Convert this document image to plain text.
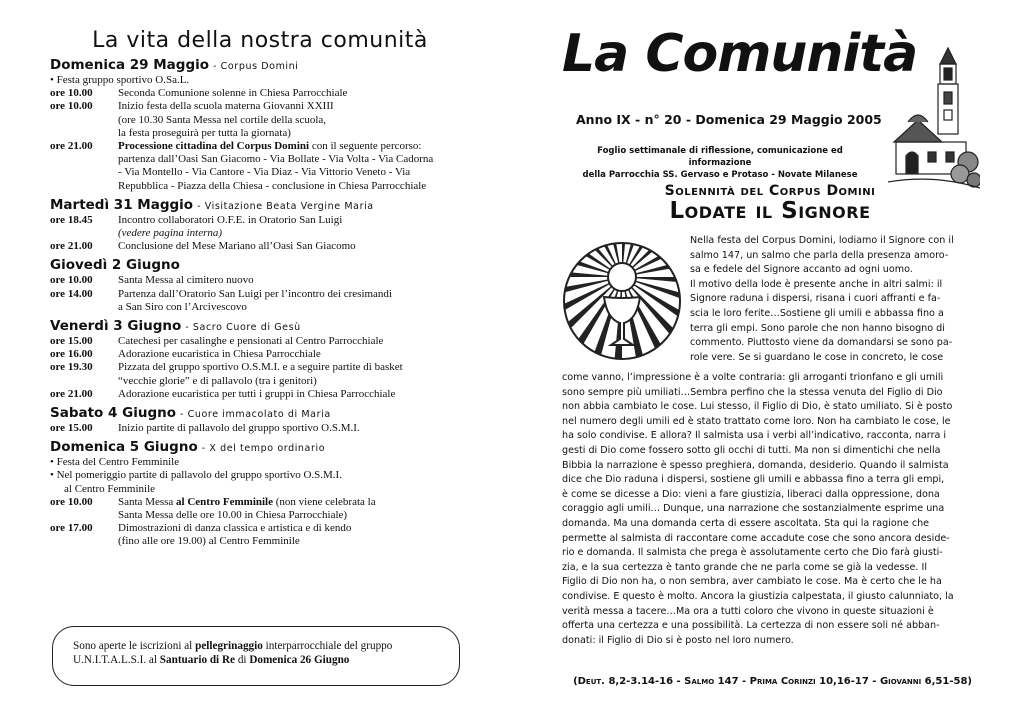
La vita della nostra comunità
Domenica 29 Maggio - Corpus Domini
• Festa gruppo sportivo O.Sa.L.
ore 10.00	Seconda Comunione solenne in Chiesa Parrocchiale
ore 10.00	Inizio festa della scuola materna Giovanni XXIII
(ore 10.30 Santa Messa nel cortile della scuola,
la festa proseguirà per tutta la giornata)
ore 21.00	Processione cittadina del Corpus Domini con il seguente percorso:
partenza dall’Oasi San Giacomo - Via Bollate - Via Volta - Via Cadorna
- Via Montello - Via Cantore - Via Diaz - Via Vittorio Veneto - Via
Repubblica - Piazza della Chiesa - conclusione in Chiesa Parrocchiale
Martedì 31 Maggio - Visitazione Beata Vergine Maria
ore 18.45	Incontro collaboratori O.F.E. in Oratorio San Luigi
(vedere pagina interna)
ore 21.00	Conclusione del Mese Mariano all’Oasi San Giacomo
Giovedì 2 Giugno
ore 10.00	Santa Messa al cimitero nuovo
ore 14.00	Partenza dall’Oratorio San Luigi per l’incontro dei cresimandi
a San Siro con l’Arcivescovo
Venerdì 3 Giugno - Sacro Cuore di Gesù
ore 15.00	Catechesi per casalinghe e pensionati al Centro Parrocchiale
ore 16.00	Adorazione eucaristica in Chiesa Parrocchiale
ore 19.30	Pizzata del gruppo sportivo O.S.M.I. e a seguire partite di basket
“vecchie glorie” e di pallavolo (tra i genitori)
ore 21.00	Adorazione eucaristica per tutti i gruppi in Chiesa Parrocchiale
Sabato 4 Giugno - Cuore immacolato di Maria
ore 15.00	Inizio partite di pallavolo del gruppo sportivo O.S.M.I.
Domenica 5 Giugno - X del tempo ordinario
• Festa del Centro Femminile
• Nel pomeriggio partite di pallavolo del gruppo sportivo O.S.M.I.
al Centro Femminile
ore 10.00	Santa Messa al Centro Femminile (non viene celebrata la
Santa Messa delle ore 10.00 in Chiesa Parrocchiale)
ore 17.00	Dimostrazioni di danza classica e artistica e di kendo
(fino alle ore 19.00) al Centro Femminile
Sono aperte le iscrizioni al pellegrinaggio interparrocchiale del gruppo
U.N.I.T.A.L.S.I. al Santuario di Re di Domenica 26 Giugno
La Comunità
Anno IX - n° 20 - Domenica 29 Maggio 2005
Foglio settimanale di riflessione, comunicazione ed informazione
della Parrocchia SS. Gervaso e Protaso - Novate Milanese
Solennità del Corpus Domini
Lodate il Signore
Nella festa del Corpus Domini, lodiamo il Signore con il
salmo 147, un salmo che parla della presenza amoro-
sa e fedele del Signore accanto ad ogni uomo.
Il motivo della lode è presente anche in altri salmi: il
Signore raduna i dispersi, risana i cuori affranti e fa-
scia le loro ferite…Sostiene gli umili e abbassa fino a
terra gli empi. Sono parole che non hanno bisogno di
commento. Piuttosto viene da domandarsi se sono pa-
role vere. Se si guardano le cose in concreto, le cose
come vanno, l’impressione è a volte contraria: gli arroganti trionfano e gli umili
sono sempre più umiliati…Sembra perfino che la stessa venuta del Figlio di Dio
non abbia cambiato le cose. Lui stesso, il Figlio di Dio, è stato umiliato. Si è posto
nel numero degli umili ed è stato trattato come loro. Non ha cambiato le cose, le
ha solo condivise. E allora? Il salmista usa i verbi all’indicativo, racconta, narra i
gesti di Dio come fossero sotto gli occhi di tutti. Ma non si dimentichi che nella
Bibbia la narrazione è spesso preghiera, domanda, desiderio. Quando il salmista
dice che Dio raduna i dispersi, sostiene gli umili e abbassa fino a terra gli empi,
è come se dicesse a Dio: vieni a fare giustizia, liberaci dalla oppressione, dona
coraggio agli umili… Dunque, una narrazione che sostanzialmente esprime una
domanda. Ma una domanda certa di essere ascoltata. Sta qui la ragione che
permette al salmista di raccontare come accadute cose che sono ancora deside-
rio e domanda. Il salmista che prega è assolutamente certo che Dio farà giusti-
zia, e la sua certezza è tanto grande che ne parla come se già la vedesse. Il
Figlio di Dio non ha, o non sembra, aver cambiato le cose. Ma è certo che le ha
condivise. E questo è molto. Ancora la giustizia calpestata, il giusto calunniato, la
verità messa a tacere…Ma ora a tutti coloro che vivono in queste situazioni è
offerta una certezza e una possibilità. La certezza di non essere soli né abban-
donati: il Figlio di Dio si è posto nel loro numero.
(Deut. 8,2-3.14-16 - Salmo 147 - Prima Corinzi 10,16-17 - Giovanni 6,51-58)
